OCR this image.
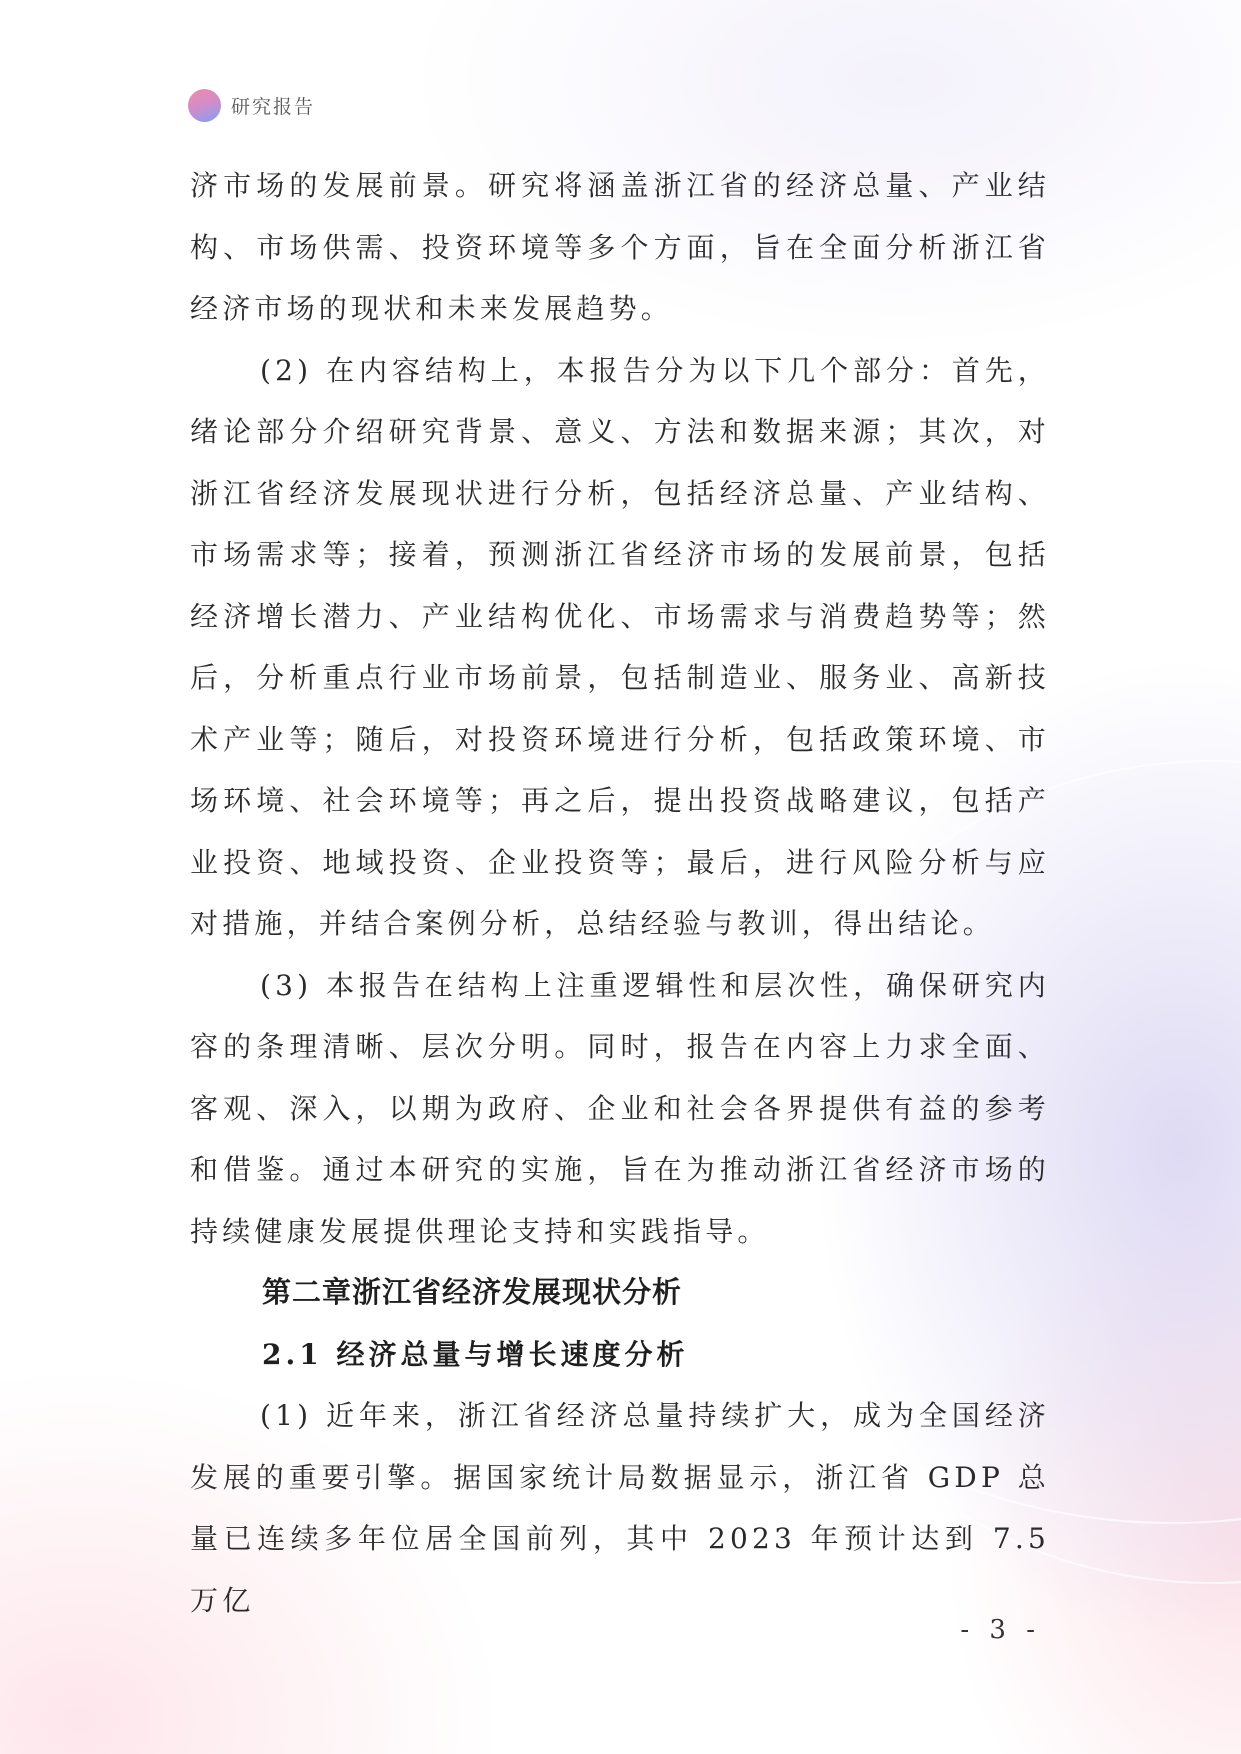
研究报告

济市场的发展前景。研究将涵盖浙江省的经济总量、产业结构、市场供需、投资环境等多个方面，旨在全面分析浙江省经济市场的现状和未来发展趋势。

(2) 在内容结构上，本报告分为以下几个部分：首先，绪论部分介绍研究背景、意义、方法和数据来源；其次，对浙江省经济发展现状进行分析，包括经济总量、产业结构、市场需求等；接着，预测浙江省经济市场的发展前景，包括经济增长潜力、产业结构优化、市场需求与消费趋势等；然后，分析重点行业市场前景，包括制造业、服务业、高新技术产业等；随后，对投资环境进行分析，包括政策环境、市场环境、社会环境等；再之后，提出投资战略建议，包括产业投资、地域投资、企业投资等；最后，进行风险分析与应对措施，并结合案例分析，总结经验与教训，得出结论。

(3) 本报告在结构上注重逻辑性和层次性，确保研究内容的条理清晰、层次分明。同时，报告在内容上力求全面、客观、深入，以期为政府、企业和社会各界提供有益的参考和借鉴。通过本研究的实施，旨在为推动浙江省经济市场的持续健康发展提供理论支持和实践指导。

第二章浙江省经济发展现状分析
2.1 经济总量与增长速度分析

(1) 近年来，浙江省经济总量持续扩大，成为全国经济发展的重要引擎。据国家统计局数据显示，浙江省 GDP 总量已连续多年位居全国前列，其中 2023 年预计达到 7.5 万亿

- 3 -
